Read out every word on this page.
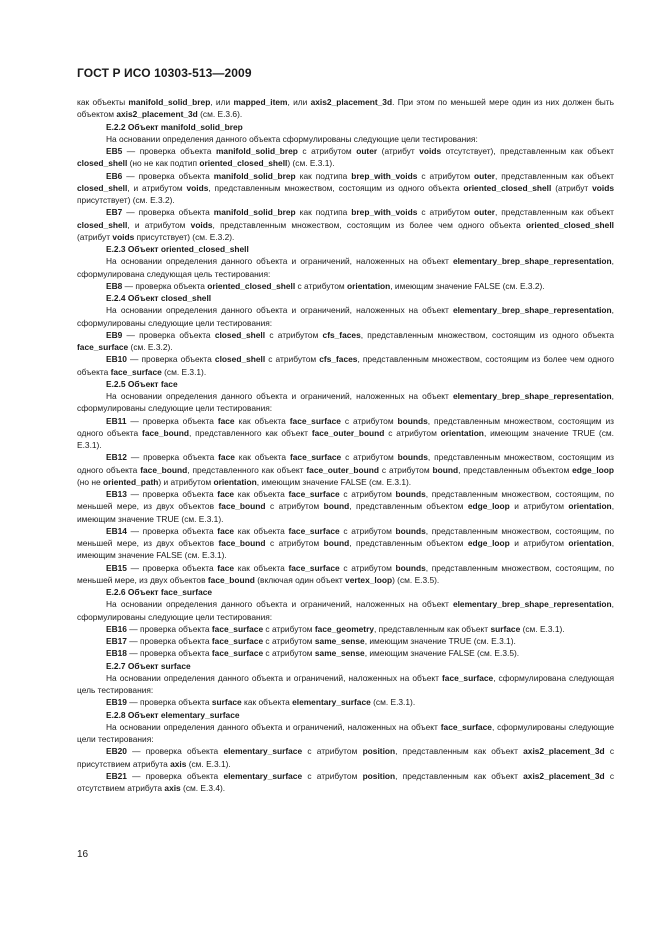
ГОСТ Р ИСО 10303-513—2009

как объекты manifold_solid_brep, или mapped_item, или axis2_placement_3d. При этом по меньшей мере один из них должен быть объектом axis2_placement_3d (см. Е.3.6).

E.2.2 Объект manifold_solid_brep

На основании определения данного объекта сформулированы следующие цели тестирования:

EB5 — проверка объекта manifold_solid_brep с атрибутом outer (атрибут voids отсутствует), представленным как объект closed_shell (но не как подтип oriented_closed_shell) (см. Е.3.1).

EB6 — проверка объекта manifold_solid_brep как подтипа brep_with_voids с атрибутом outer, представленным как объект closed_shell, и атрибутом voids, представленным множеством, состоящим из одного объекта oriented_closed_shell (атрибут voids присутствует) (см. Е.3.2).

EB7 — проверка объекта manifold_solid_brep как подтипа brep_with_voids с атрибутом outer, представленным как объект closed_shell, и атрибутом voids, представленным множеством, состоящим из более чем одного объекта oriented_closed_shell (атрибут voids присутствует) (см. Е.3.2).

E.2.3 Объект oriented_closed_shell

На основании определения данного объекта и ограничений, наложенных на объект elementary_brep_shape_representation, сформулирована следующая цель тестирования:

EB8 — проверка объекта oriented_closed_shell с атрибутом orientation, имеющим значение FALSE (см. Е.3.2).

E.2.4 Объект closed_shell

На основании определения данного объекта и ограничений, наложенных на объект elementary_brep_shape_representation, сформулированы следующие цели тестирования:

EB9 — проверка объекта closed_shell с атрибутом cfs_faces, представленным множеством, состоящим из одного объекта face_surface (см. Е.3.2).

EB10 — проверка объекта closed_shell с атрибутом cfs_faces, представленным множеством, состоящим из более чем одного объекта face_surface (см. Е.3.1).

E.2.5 Объект face

На основании определения данного объекта и ограничений, наложенных на объект elementary_brep_shape_representation, сформулированы следующие цели тестирования:

EB11 — проверка объекта face как объекта face_surface с атрибутом bounds, представленным множеством, состоящим из одного объекта face_bound, представленного как объект face_outer_bound с атрибутом orientation, имеющим значение TRUE (см. Е.3.1).

EB12 — проверка объекта face как объекта face_surface с атрибутом bounds, представленным множеством, состоящим из одного объекта face_bound, представленного как объект face_outer_bound с атрибутом bound, представленным объектом edge_loop (но не oriented_path) и атрибутом orientation, имеющим значение FALSE (см. Е.3.1).

EB13 — проверка объекта face как объекта face_surface с атрибутом bounds, представленным множеством, состоящим, по меньшей мере, из двух объектов face_bound с атрибутом bound, представленным объектом edge_loop и атрибутом orientation, имеющим значение TRUE (см. Е.3.1).

EB14 — проверка объекта face как объекта face_surface с атрибутом bounds, представленным множеством, состоящим, по меньшей мере, из двух объектов face_bound с атрибутом bound, представленным объектом edge_loop и атрибутом orientation, имеющим значение FALSE (см. Е.3.1).

EB15 — проверка объекта face как объекта face_surface с атрибутом bounds, представленным множеством, состоящим, по меньшей мере, из двух объектов face_bound (включая один объект vertex_loop) (см. Е.3.5).

E.2.6 Объект face_surface

На основании определения данного объекта и ограничений, наложенных на объект elementary_brep_shape_representation, сформулированы следующие цели тестирования:

EB16 — проверка объекта face_surface с атрибутом face_geometry, представленным как объект surface (см. Е.3.1).

EB17 — проверка объекта face_surface с атрибутом same_sense, имеющим значение TRUE (см. Е.3.1).

EB18 — проверка объекта face_surface с атрибутом same_sense, имеющим значение FALSE (см. Е.3.5).

E.2.7 Объект surface

На основании определения данного объекта и ограничений, наложенных на объект face_surface, сформулирована следующая цель тестирования:

EB19 — проверка объекта surface как объекта elementary_surface (см. Е.3.1).

E.2.8 Объект elementary_surface

На основании определения данного объекта и ограничений, наложенных на объект face_surface, сформулированы следующие цели тестирования:

EB20 — проверка объекта elementary_surface с атрибутом position, представленным как объект axis2_placement_3d с присутствием атрибута axis (см. Е.3.1).

EB21 — проверка объекта elementary_surface с атрибутом position, представленным как объект axis2_placement_3d с отсутствием атрибута axis (см. Е.3.4).

16
